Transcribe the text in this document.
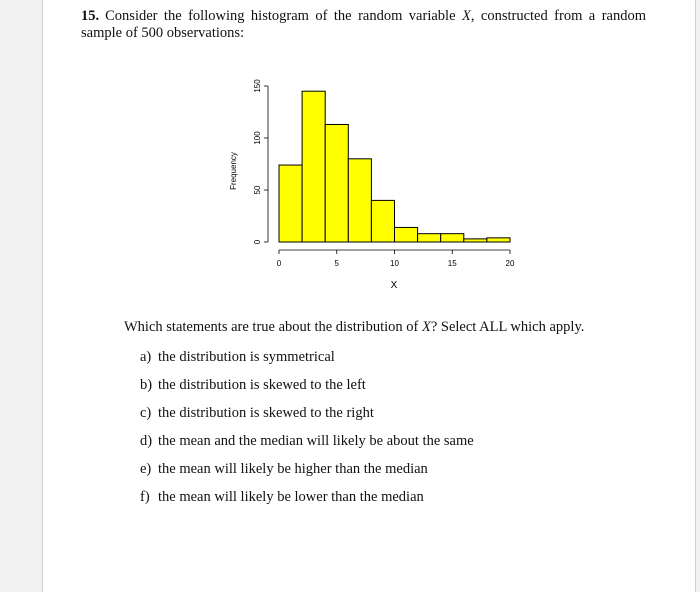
15. Consider the following histogram of the random variable X, constructed from a random sample of 500 observations:
0	5	10	15	20
0
50
100
150
X
Frequency
Which statements are true about the distribution of X? Select ALL which apply.
a) the distribution is symmetrical
b) the distribution is skewed to the left
c) the distribution is skewed to the right
d) the mean and the median will likely be about the same
e) the mean will likely be higher than the median
f) the mean will likely be lower than the median
